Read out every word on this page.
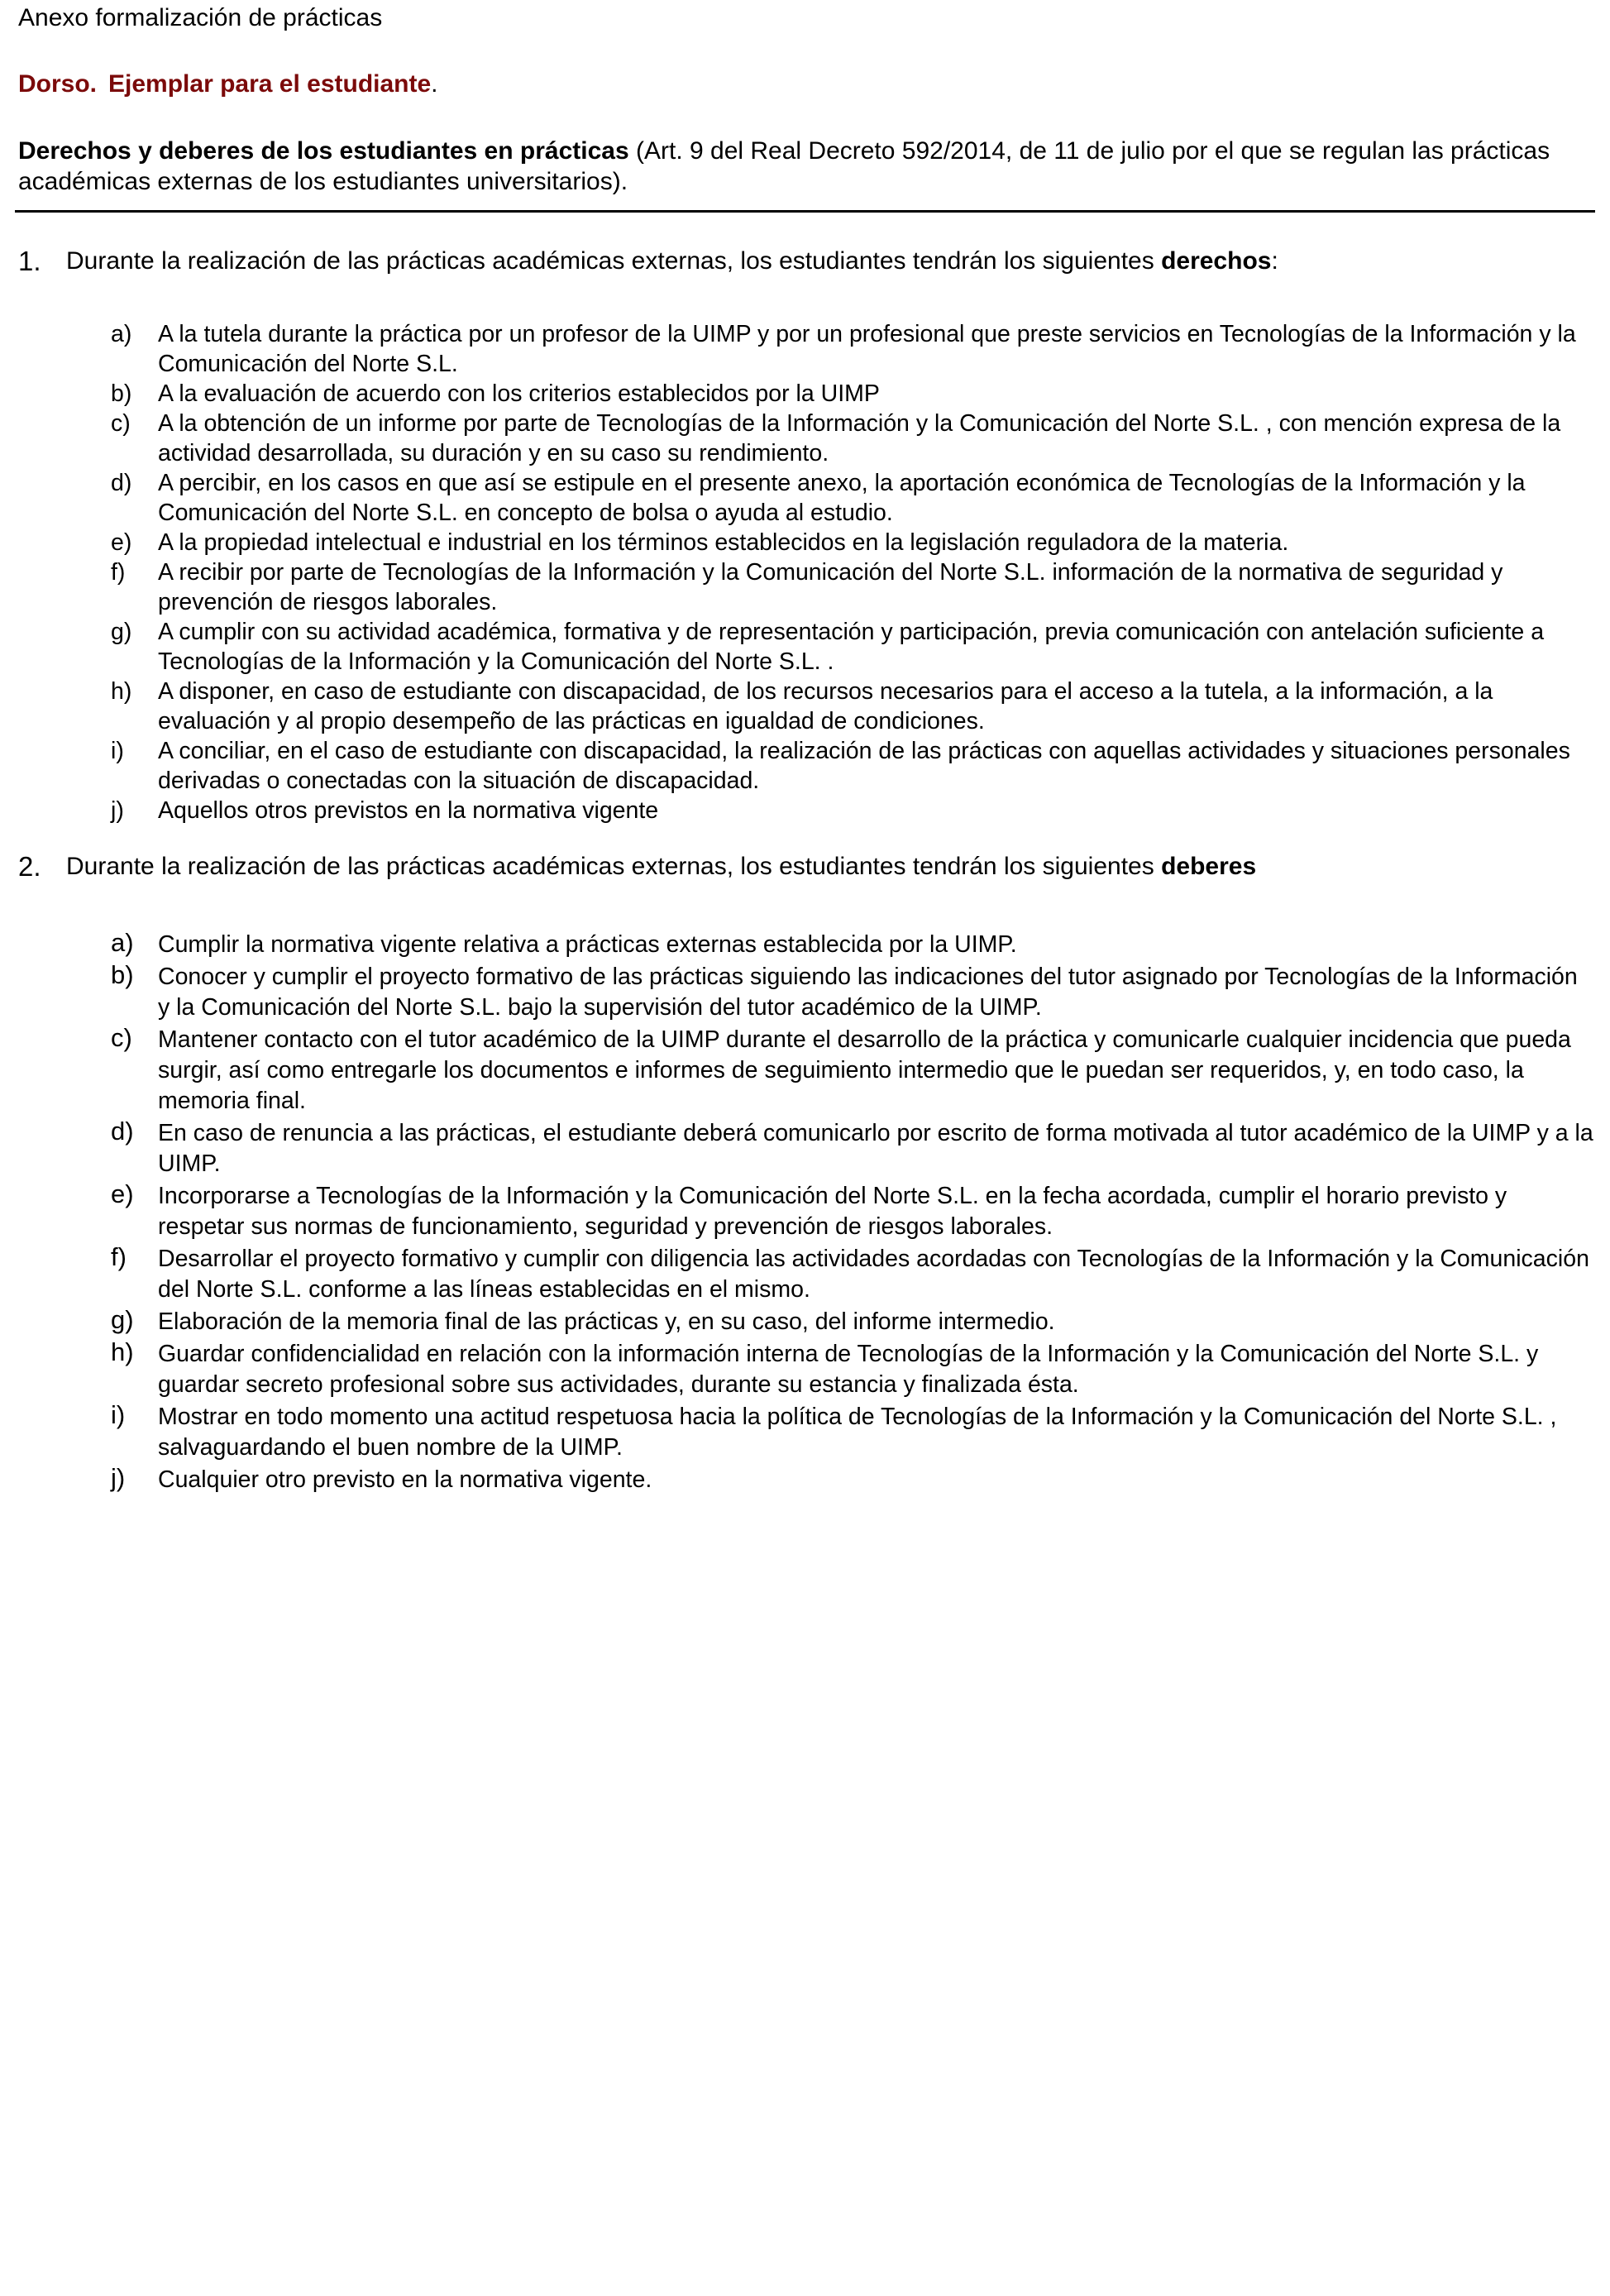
Anexo formalización de prácticas
Dorso. Ejemplar para el estudiante.
Derechos y deberes de los estudiantes en prácticas (Art. 9 del Real Decreto 592/2014, de 11 de julio por el que se regulan las prácticas académicas externas de los estudiantes universitarios).
1. Durante la realización de las prácticas académicas externas, los estudiantes tendrán los siguientes derechos:
a) A la tutela durante la práctica por un profesor de la UIMP y por un profesional que preste servicios en Tecnologías de la Información y la Comunicación del Norte S.L.
b) A la evaluación de acuerdo con los criterios establecidos por la UIMP
c) A la obtención de un informe por parte de Tecnologías de la Información y la Comunicación del Norte S.L. , con mención expresa de la actividad desarrollada, su duración y en su caso su rendimiento.
d) A percibir, en los casos en que así se estipule en el presente anexo, la aportación económica de Tecnologías de la Información y la Comunicación del Norte S.L. en concepto de bolsa o ayuda al estudio.
e) A la propiedad intelectual e industrial en los términos establecidos en la legislación reguladora de la materia.
f) A recibir por parte de Tecnologías de la Información y la Comunicación del Norte S.L. información de la normativa de seguridad y prevención de riesgos laborales.
g) A cumplir con su actividad académica, formativa y de representación y participación, previa comunicación con antelación suficiente a Tecnologías de la Información y la Comunicación del Norte S.L. .
h) A disponer, en caso de estudiante con discapacidad, de los recursos necesarios para el acceso a la tutela, a la información, a la evaluación y al propio desempeño de las prácticas en igualdad de condiciones.
i) A conciliar, en el caso de estudiante con discapacidad, la realización de las prácticas con aquellas actividades y situaciones personales derivadas o conectadas con la situación de discapacidad.
j) Aquellos otros previstos en la normativa vigente
2. Durante la realización de las prácticas académicas externas, los estudiantes tendrán los siguientes deberes
a) Cumplir la normativa vigente relativa a prácticas externas establecida por la UIMP.
b) Conocer y cumplir el proyecto formativo de las prácticas siguiendo las indicaciones del tutor asignado por Tecnologías de la Información y la Comunicación del Norte S.L. bajo la supervisión del tutor académico de la UIMP.
c) Mantener contacto con el tutor académico de la UIMP durante el desarrollo de la práctica y comunicarle cualquier incidencia que pueda surgir, así como entregarle los documentos e informes de seguimiento intermedio que le puedan ser requeridos, y, en todo caso, la memoria final.
d) En caso de renuncia a las prácticas, el estudiante deberá comunicarlo por escrito de forma motivada al tutor académico de la UIMP y a la UIMP.
e) Incorporarse a Tecnologías de la Información y la Comunicación del Norte S.L. en la fecha acordada, cumplir el horario previsto y respetar sus normas de funcionamiento, seguridad y prevención de riesgos laborales.
f) Desarrollar el proyecto formativo y cumplir con diligencia las actividades acordadas con Tecnologías de la Información y la Comunicación del Norte S.L. conforme a las líneas establecidas en el mismo.
g) Elaboración de la memoria final de las prácticas y, en su caso, del informe intermedio.
h) Guardar confidencialidad en relación con la información interna de Tecnologías de la Información y la Comunicación del Norte S.L. y guardar secreto profesional sobre sus actividades, durante su estancia y finalizada ésta.
i) Mostrar en todo momento una actitud respetuosa hacia la política de Tecnologías de la Información y la Comunicación del Norte S.L. , salvaguardando el buen nombre de la UIMP.
j) Cualquier otro previsto en la normativa vigente.
